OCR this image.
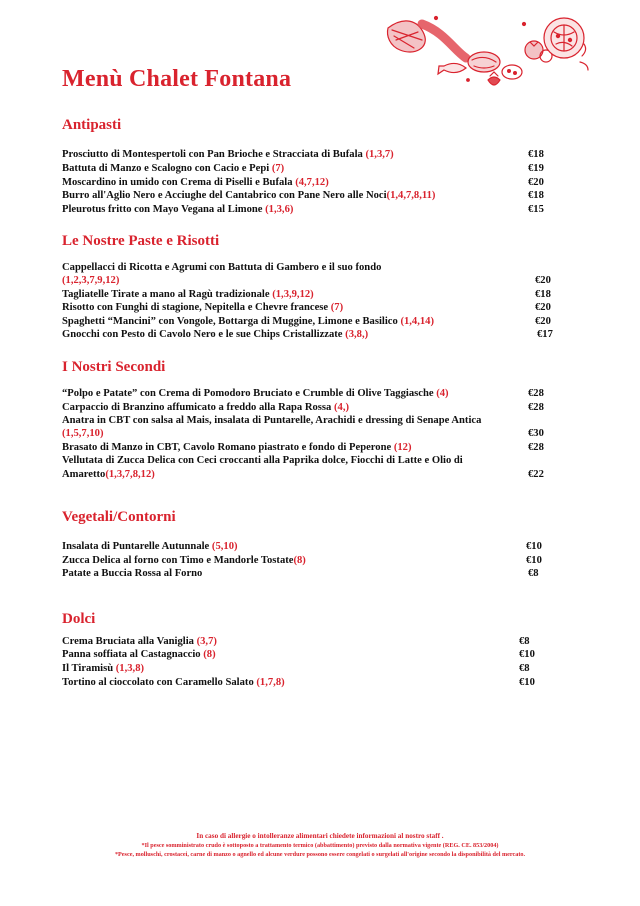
Menù Chalet Fontana
Antipasti
Prosciutto di Montespertoli con Pan Brioche e Stracciata di Bufala (1,3,7)	€18
Battuta di Manzo e Scalogno con Cacio e Pepi (7)	€19
Moscardino in umido con Crema di Piselli e Bufala (4,7,12)	€20
Burro all'Aglio Nero e Acciughe del Cantabrico con Pane Nero alle Noci(1,4,7,8,11)	€18
Pleurotus fritto con Mayo Vegana al Limone (1,3,6)	€15
Le Nostre Paste e Risotti
Cappellacci di Ricotta e Agrumi con Battuta di Gambero e il suo fondo
(1,2,3,7,9,12)	€20
Tagliatelle Tirate a mano al Ragù tradizionale (1,3,9,12)	€18
Risotto con Funghi di stagione, Nepitella e Chevre francese (7)	€20
Spaghetti “Mancini” con Vongole, Bottarga di Muggine, Limone e Basilico (1,4,14)	€20
Gnocchi con Pesto di Cavolo Nero e le sue Chips Cristallizzate (3,8,)	€17
I Nostri Secondi
“Polpo e Patate” con Crema di Pomodoro Bruciato e Crumble di Olive Taggiasche (4)	€28
Carpaccio di Branzino affumicato a freddo alla Rapa Rossa (4,)	€28
Anatra in CBT con salsa al Mais, insalata di Puntarelle, Arachidi e dressing di Senape Antica
(1,5,7,10)	€30
Brasato di Manzo in CBT, Cavolo Romano piastrato e fondo di Peperone (12)	€28
Vellutata di Zucca Delica con Ceci croccanti alla Paprika dolce, Fiocchi di Latte e Olio di
Amaretto(1,3,7,8,12)	€22
Vegetali/Contorni
Insalata di Puntarelle Autunnale (5,10)	€10
Zucca Delica al forno con Timo e Mandorle Tostate(8)	€10
Patate a Buccia Rossa al Forno	€8
Dolci
Crema Bruciata alla Vaniglia (3,7)	€8
Panna soffiata al Castagnaccio (8)	€10
Il Tiramisù (1,3,8)	€8
Tortino al cioccolato con Caramello Salato (1,7,8)	€10
In caso di allergie o intolleranze alimentari chiedete informazioni al nostro staff .
*Il pesce somministrato crudo è sottoposto a trattamento termico (abbattimento) previsto dalla normativa vigente (REG. CE. 853/2004)
*Pesce, molluschi, crostacei, carne di manzo o agnello ed alcune verdure possono essere congelati o surgelati all'origine secondo la disponibilità del mercato.
